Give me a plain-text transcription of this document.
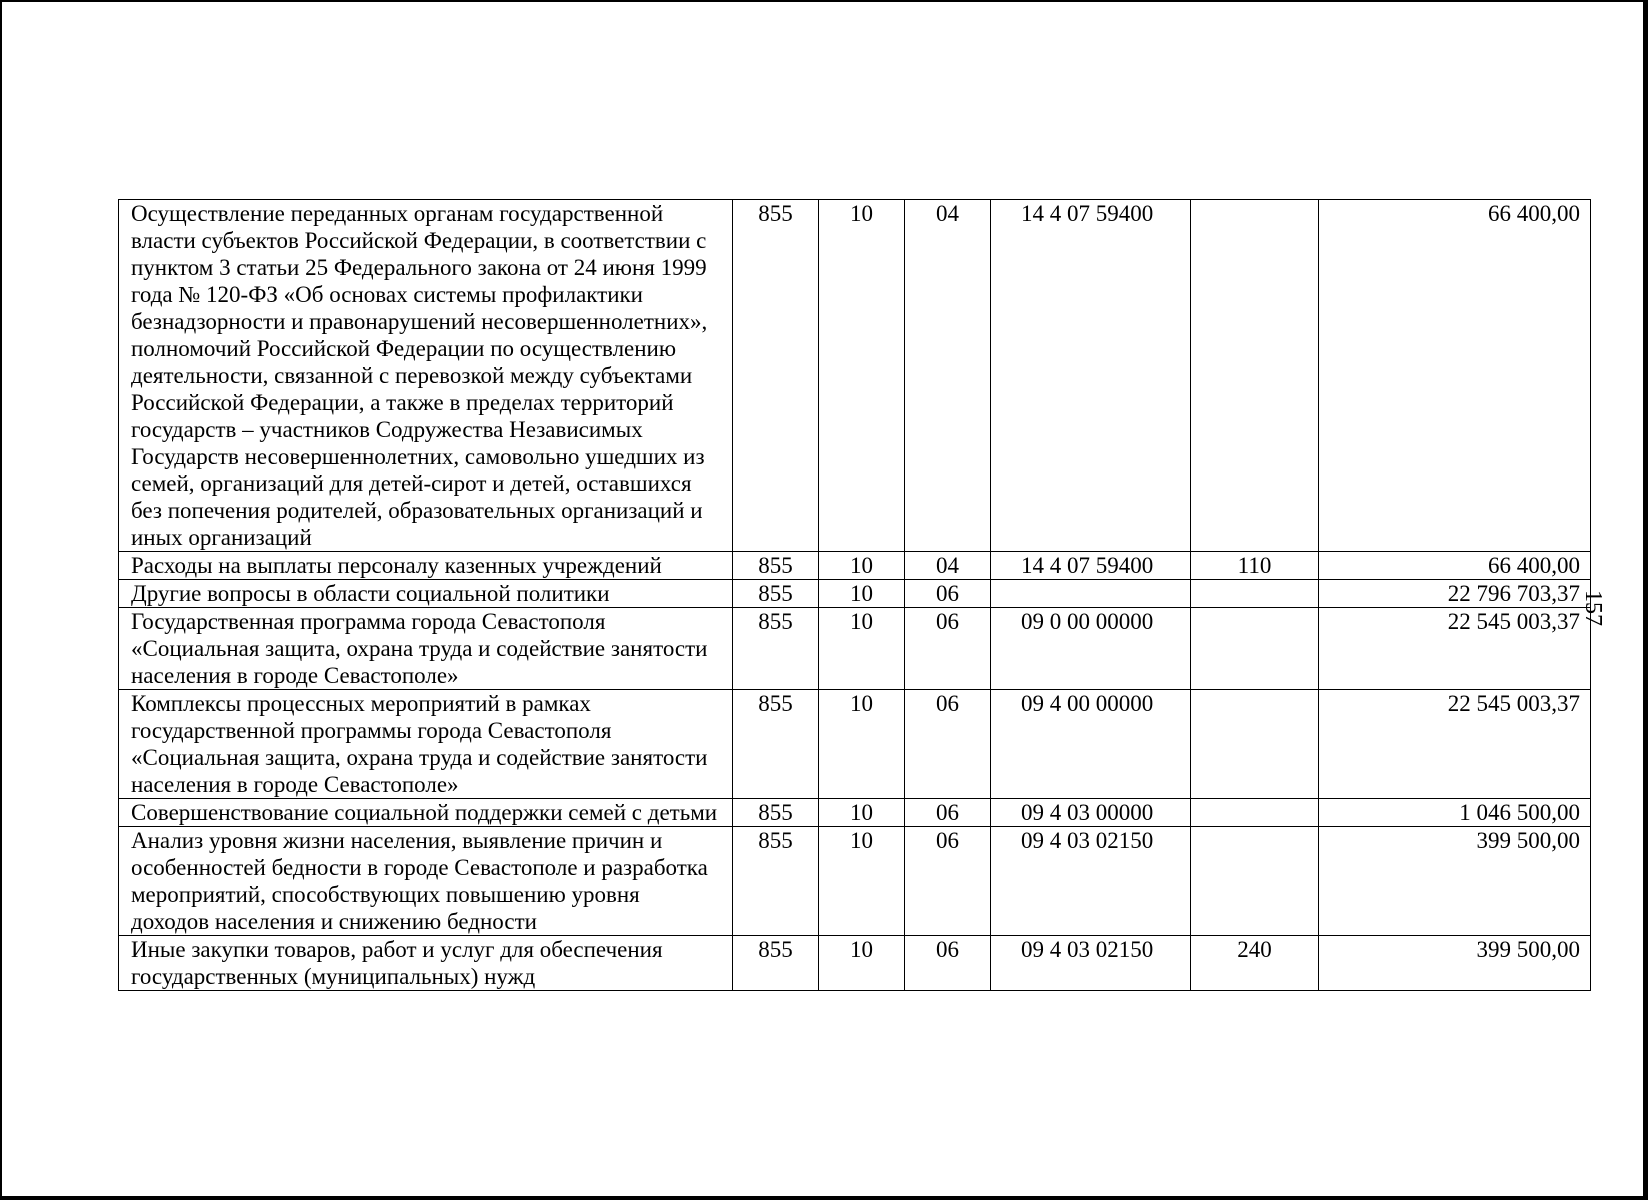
Осуществление переданных органам государственной власти субъектов Российской Федерации, в соответствии с пунктом 3 статьи 25 Федерального закона от 24 июня 1999 года № 120-ФЗ «Об основах системы профилактики безнадзорности и правонарушений несовершеннолетних», полномочий Российской Федерации по осуществлению деятельности, связанной с перевозкой между субъектами Российской Федерации, а также в пределах территорий государств – участников Содружества Независимых Государств несовершеннолетних, самовольно ушедших из семей, организаций для детей-сирот и детей, оставшихся без попечения родителей, образовательных организаций и иных организаций	855	10	04	14 4 07 59400		66 400,00
Расходы на выплаты персоналу казенных учреждений	855	10	04	14 4 07 59400	110	66 400,00
Другие вопросы в области социальной политики	855	10	06			22 796 703,37
Государственная программа города Севастополя «Социальная защита, охрана труда и содействие занятости населения в городе Севастополе»	855	10	06	09 0 00 00000		22 545 003,37
Комплексы процессных мероприятий в рамках государственной программы города Севастополя «Социальная защита, охрана труда и содействие занятости населения в городе Севастополе»	855	10	06	09 4 00 00000		22 545 003,37
Совершенствование социальной поддержки семей с детьми	855	10	06	09 4 03 00000		1 046 500,00
Анализ уровня жизни населения, выявление причин и особенностей бедности в городе Севастополе и разработка мероприятий, способствующих повышению уровня доходов населения и снижению бедности	855	10	06	09 4 03 02150		399 500,00
Иные закупки товаров, работ и услуг для обеспечения государственных (муниципальных) нужд	855	10	06	09 4 03 02150	240	399 500,00
157
